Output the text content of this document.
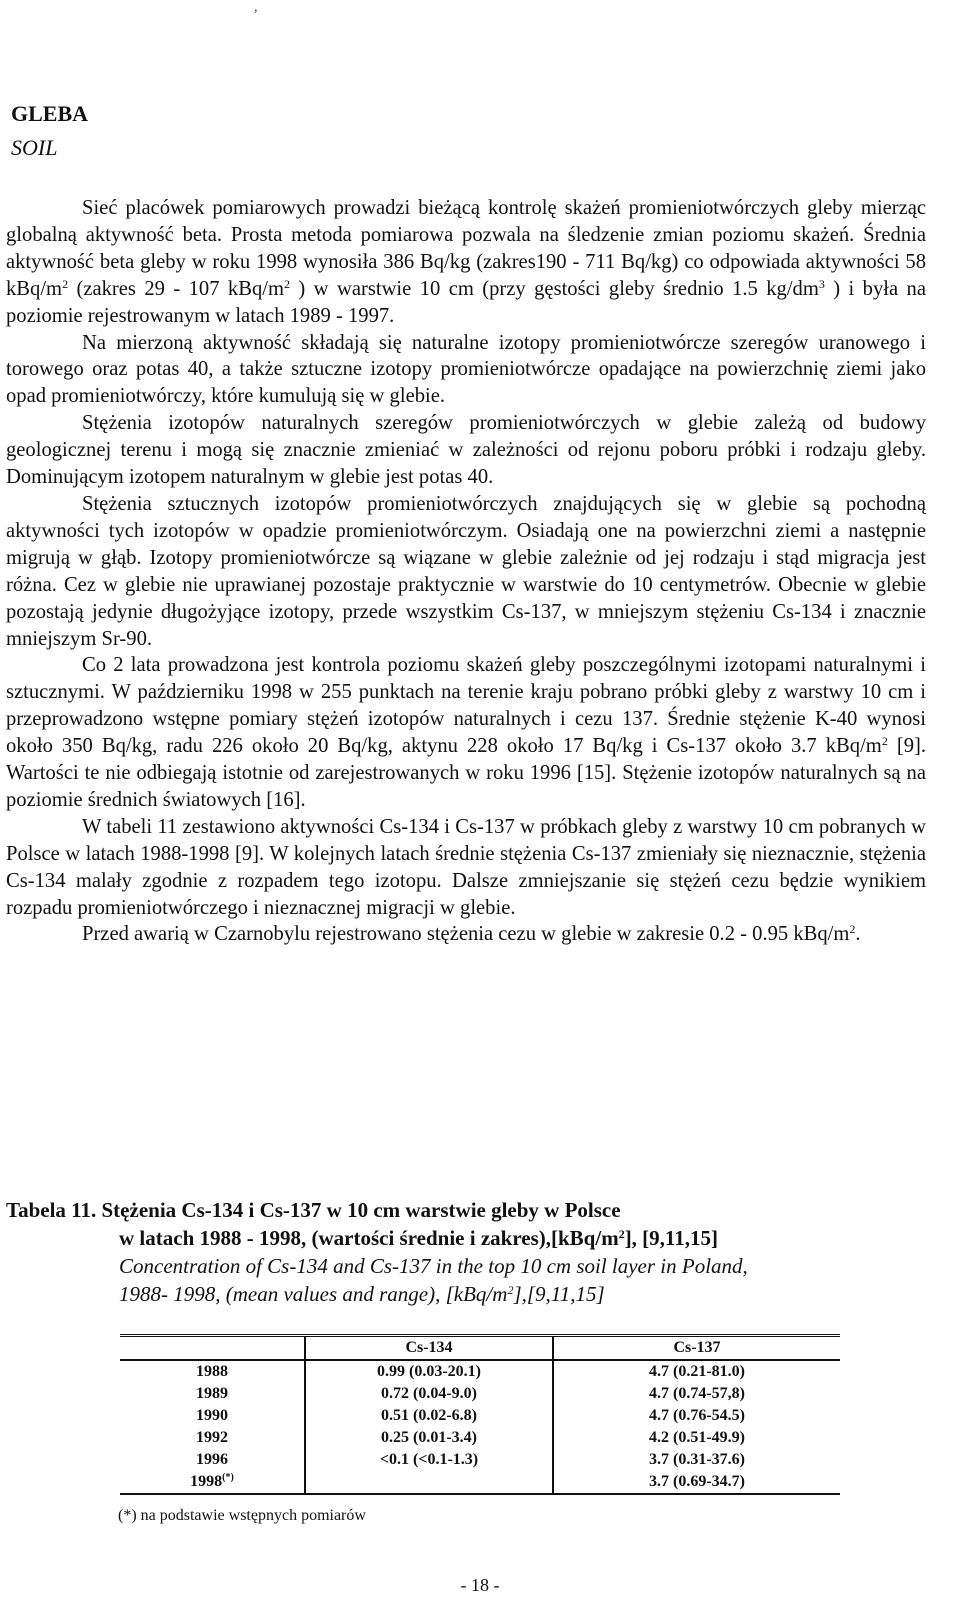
,
GLEBA
SOIL

Sieć placówek pomiarowych prowadzi bieżącą kontrolę skażeń promieniotwórczych gleby mierząc globalną aktywność beta. Prosta metoda pomiarowa pozwala na śledzenie zmian poziomu skażeń. Średnia aktywność beta gleby w roku 1998 wynosiła 386 Bq/kg (zakres190 - 711 Bq/kg) co odpowiada aktywności 58 kBq/$m^2$ (zakres 29 - 107 kBq/$m^2$ ) w warstwie 10 cm (przy gęstości gleby średnio 1.5 $kg/dm^3$ ) i była na poziomie rejestrowanym w latach 1989 - 1997.

Na mierzoną aktywność składają się naturalne izotopy promieniotwórcze szeregów uranowego i torowego oraz potas 40, a także sztuczne izotopy promieniotwórcze opadające na powierzchnię ziemi jako opad promieniotwórczy, które kumulują się w glebie.

Stężenia izotopów naturalnych szeregów promieniotwórczych w glebie zależą od budowy geologicznej terenu i mogą się znacznie zmieniać w zależności od rejonu poboru próbki i rodzaju gleby. Dominującym izotopem naturalnym w glebie jest potas 40.

Stężenia sztucznych izotopów promieniotwórczych znajdujących się w glebie są pochodną aktywności tych izotopów w opadzie promieniotwórczym. Osiadają one na powierzchni ziemi a następnie migrują w głąb. Izotopy promieniotwórcze są wiązane w glebie zależnie od jej rodzaju i stąd migracja jest różna. Cez w glebie nie uprawianej pozostaje praktycznie w warstwie do 10 centymetrów. Obecnie w glebie pozostają jedynie długożyjące izotopy, przede wszystkim Cs-137, w mniejszym stężeniu Cs-134 i znacznie mniejszym Sr-90.

Co 2 lata prowadzona jest kontrola poziomu skażeń gleby poszczególnymi izotopami naturalnymi i sztucznymi. W październiku 1998 w 255 punktach na terenie kraju pobrano próbki gleby z warstwy 10 cm i przeprowadzono wstępne pomiary stężeń izotopów naturalnych i cezu 137. Średnie stężenie K-40 wynosi około 350 Bq/kg, radu 226 około 20 Bq/kg, aktynu 228 około 17 Bq/kg i Cs-137 około 3.7 kBq/$m^2$ [9]. Wartości te nie odbiegają istotnie od zarejestrowanych w roku 1996 [15]. Stężenie izotopów naturalnych są na poziomie średnich światowych [16].

W tabeli 11 zestawiono aktywności Cs-134 i Cs-137 w próbkach gleby z warstwy 10 cm pobranych w Polsce w latach 1988-1998 [9]. W kolejnych latach średnie stężenia Cs-137 zmieniały się nieznacznie, stężenia Cs-134 malały zgodnie z rozpadem tego izotopu. Dalsze zmniejszanie się stężeń cezu będzie wynikiem rozpadu promieniotwórczego i nieznacznej migracji w glebie.

Przed awarią w Czarnobylu rejestrowano stężenia cezu w glebie w zakresie 0.2 - 0.95 kBq/$m^2$.

Tabela 11. Stężenia Cs-134 i Cs-137 w 10 cm warstwie gleby w Polsce
w latach 1988 - 1998, (wartości średnie i $zakres),[kBq/m^2]$, [9,11,15]
Concentration of Cs-134 and Cs-137 in the top 10 cm soil layer in Poland,
1988- 1998, (mean values and range), $[kBq/m^2],[9,11,15]$
	Cs-134	Cs-137
1988	0.99 (0.03-20.1)	4.7 (0.21-81.0)
1989	0.72 (0.04-9.0)	4.7 (0.74-57,8)
1990	0.51 (0.02-6.8)	4.7 (0.76-54.5)
1992	0.25 (0.01-3.4)	4.2 (0.51-49.9)
1996	<0.1 (<0.1-1.3)	3.7 (0.31-37.6)
1998(*)		3.7 (0.69-34.7)
(*) na podstawie wstępnych pomiarów
- 18 -
